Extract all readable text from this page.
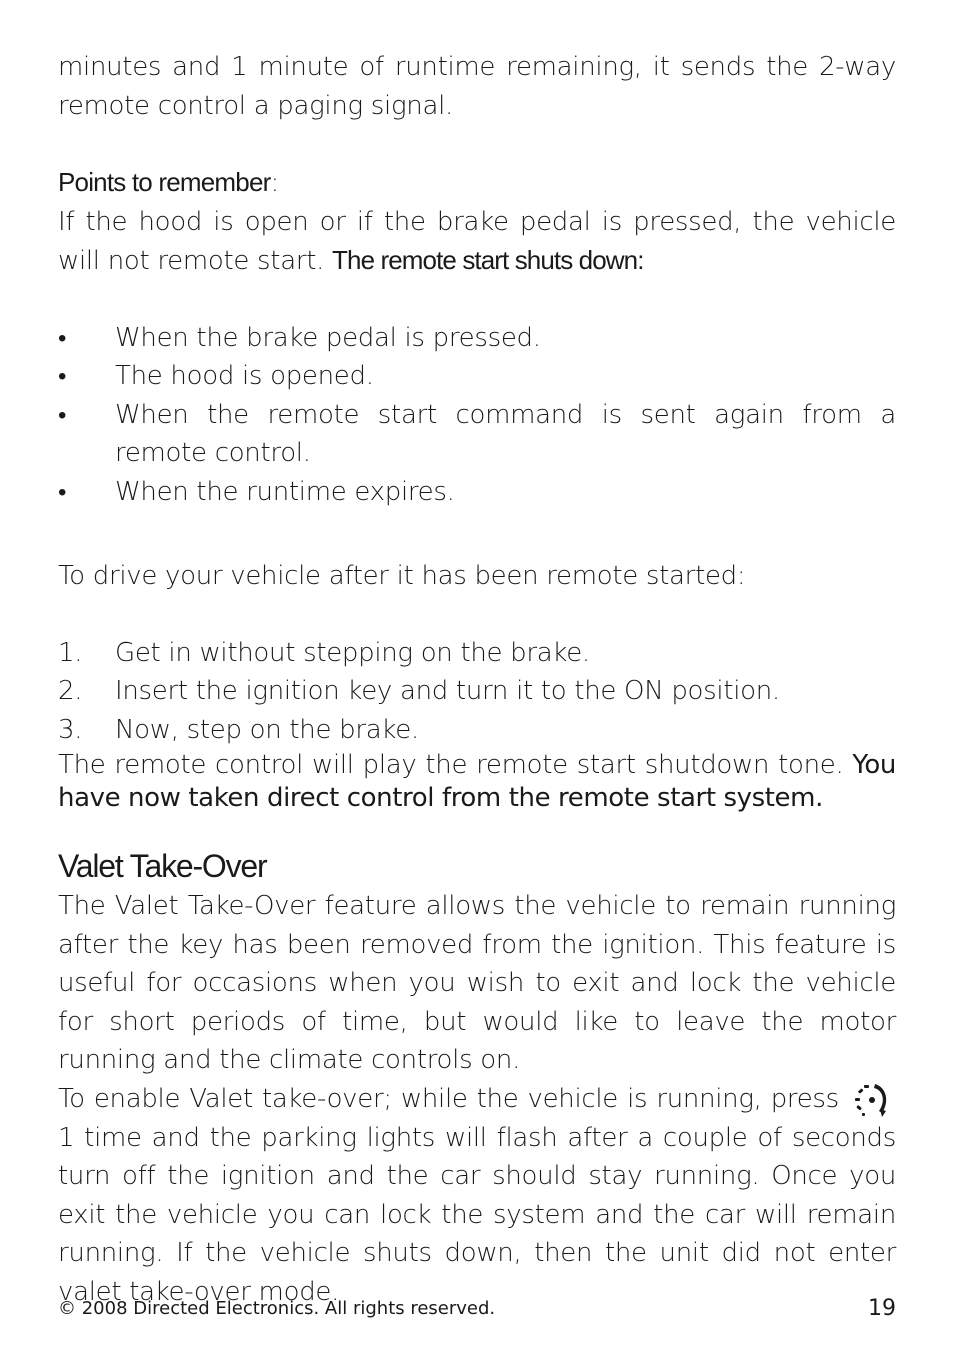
minutes and 1 minute of runtime remaining, it sends the 2-way remote control a paging signal.

Points to remember:

If the hood is open or if the brake pedal is pressed, the vehicle will not remote start. The remote start shuts down:

•	When the brake pedal is pressed.
•	The hood is opened.
•	When the remote start command is sent again from a remote control.
•	When the runtime expires.

To drive your vehicle after it has been remote started:

1.	Get in without stepping on the brake.
2.	Insert the ignition key and turn it to the ON position.
3.	Now, step on the brake.

The remote control will play the remote start shutdown tone. You have now taken direct control from the remote start system.

Valet Take-Over

The Valet Take-Over feature allows the vehicle to remain running after the key has been removed from the ignition. This feature is useful for occasions when you wish to exit and lock the vehicle for short periods of time, but would like to leave the motor running and the climate controls on.

To enable Valet take-over; while the vehicle is running, press 1 time and the parking lights will flash after a couple of seconds turn off the ignition and the car should stay running. Once you exit the vehicle you can lock the system and the car will remain running. If the vehicle shuts down, then the unit did not enter valet take-over mode.

© 2008 Directed Electronics. All rights reserved.	19
